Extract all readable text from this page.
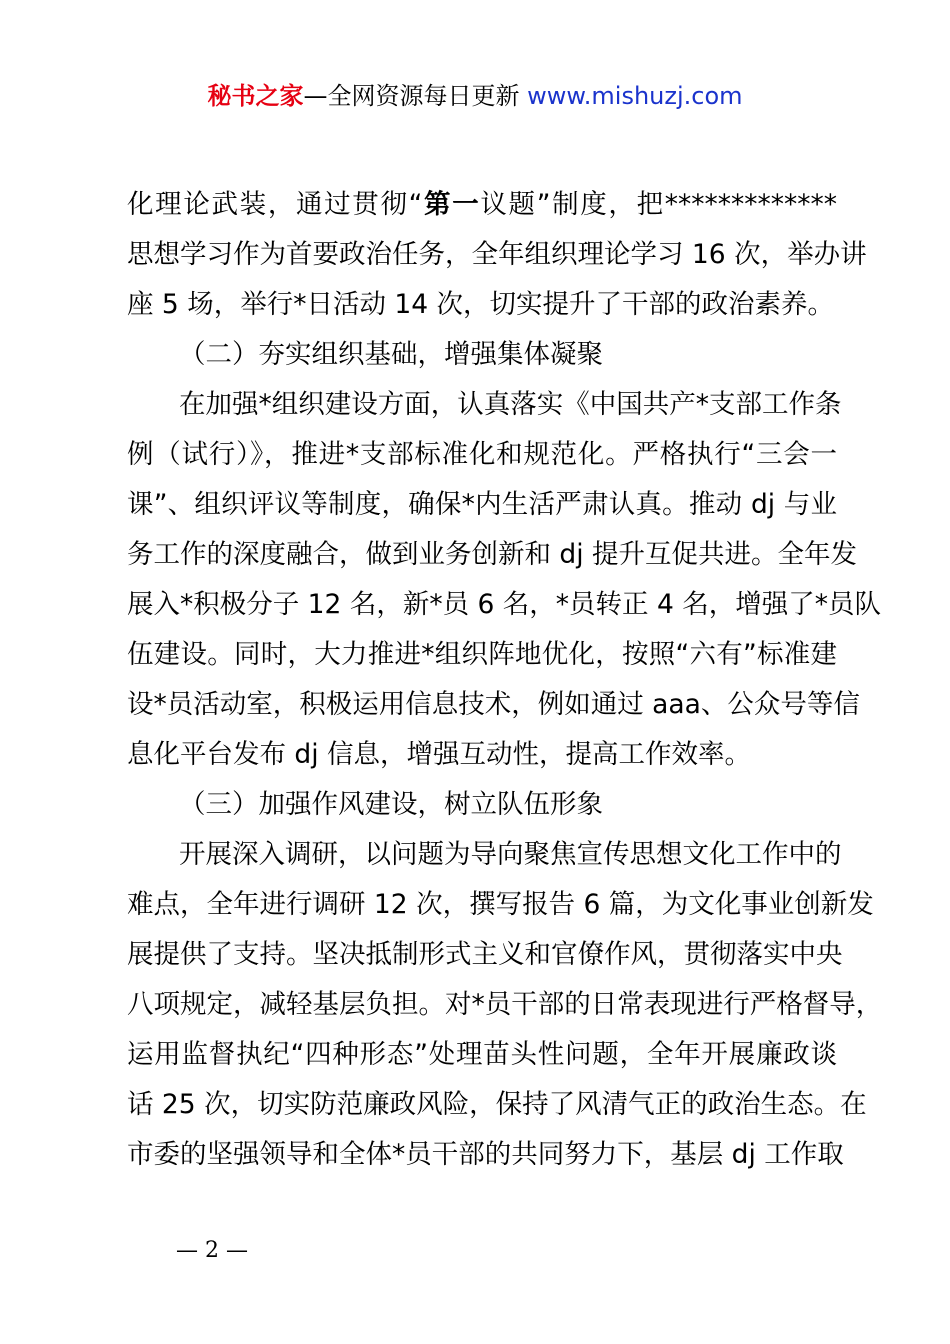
秘书之家—全网资源每日更新 www.mishuzj.com
化理论武装，通过贯彻“第一议题”制度，把*************
思想学习作为首要政治任务，全年组织理论学习 16 次，举办讲
座 5 场，举行*日活动 14 次，切实提升了干部的政治素养。
（二）夯实组织基础，增强集体凝聚
在加强*组织建设方面，认真落实《中国共产*支部工作条
例（试行）》，推进*支部标准化和规范化。严格执行“三会一
课”、组织评议等制度，确保*内生活严肃认真。推动 dj 与业
务工作的深度融合，做到业务创新和 dj 提升互促共进。全年发
展入*积极分子 12 名，新*员 6 名，*员转正 4 名，增强了*员队
伍建设。同时，大力推进*组织阵地优化，按照“六有”标准建
设*员活动室，积极运用信息技术，例如通过 aaa、公众号等信
息化平台发布 dj 信息，增强互动性，提高工作效率。
（三）加强作风建设，树立队伍形象
开展深入调研，以问题为导向聚焦宣传思想文化工作中的
难点，全年进行调研 12 次，撰写报告 6 篇，为文化事业创新发
展提供了支持。坚决抵制形式主义和官僚作风，贯彻落实中央
八项规定，减轻基层负担。对*员干部的日常表现进行严格督导，
运用监督执纪“四种形态”处理苗头性问题，全年开展廉政谈
话 25 次，切实防范廉政风险，保持了风清气正的政治生态。在
市委的坚强领导和全体*员干部的共同努力下，基层 dj 工作取
— 2 —
